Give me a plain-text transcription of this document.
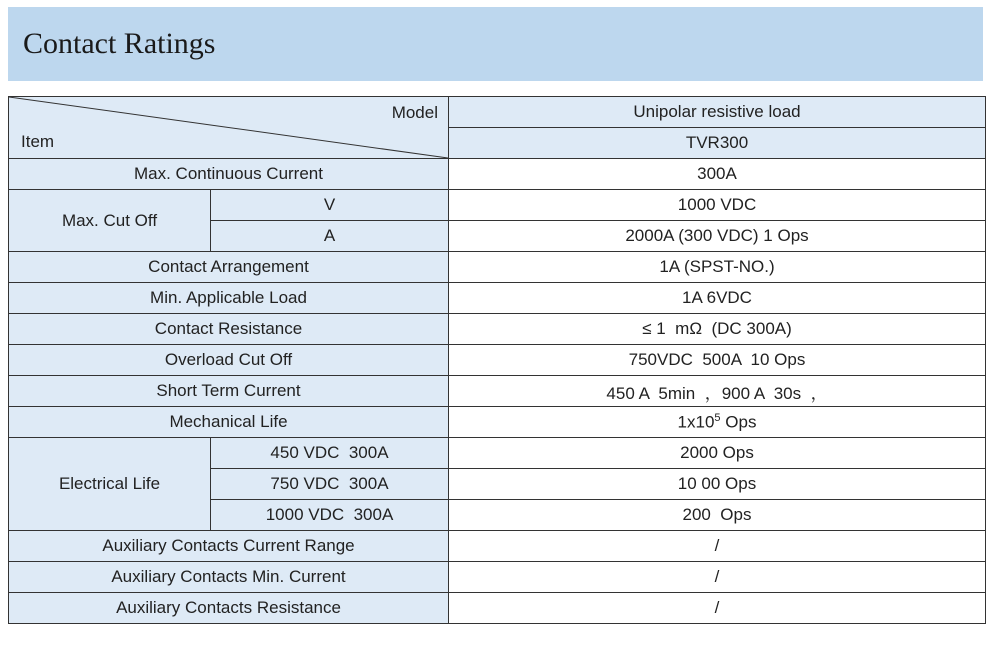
Contact Ratings
Model
Item		Unipolar resistive load
		TVR300
Max. Continuous Current		300A
Max. Cut Off	V	1000 VDC
	A	2000A (300 VDC) 1 Ops
Contact Arrangement		1A (SPST-NO.)
Min. Applicable Load		1A 6VDC
Contact Resistance		≤ 1  mΩ  (DC 300A)
Overload Cut Off		750VDC  500A  10 Ops
Short Term Current		450 A  5min  ，900 A  30s  ，
Mechanical Life		$1x10^5$ Ops
Electrical Life	450 VDC  300A	2000 Ops
	750 VDC  300A	10 00 Ops
	1000 VDC  300A	200  Ops
Auxiliary Contacts Current Range		/
Auxiliary Contacts Min. Current		/
Auxiliary Contacts Resistance		/
